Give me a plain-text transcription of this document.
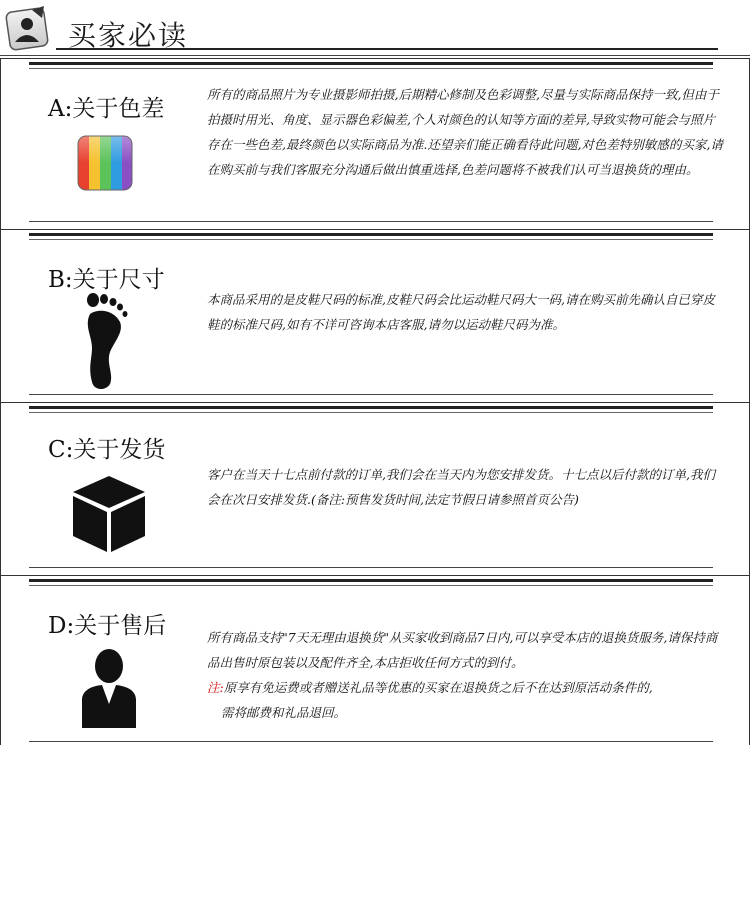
买家必读
A:关于色差

所有的商品照片为专业摄影师拍摄,后期精心修制及色彩调整,尽量与实际商品保持一致,但由于拍摄时用光、角度、显示器色彩偏差,个人对颜色的认知等方面的差异,导致实物可能会与照片存在一些色差,最终颜色以实际商品为准.还望亲们能正确看待此问题,对色差特别敏感的买家,请在购买前与我们客服充分沟通后做出慎重选择,色差问题将不被我们认可当退换货的理由。

B:关于尺寸

本商品采用的是皮鞋尺码的标准,皮鞋尺码会比运动鞋尺码大一码,请在购买前先确认自已穿皮鞋的标准尺码,如有不详可咨询本店客服,请勿以运动鞋尺码为准。

C:关于发货

客户在当天十七点前付款的订单,我们会在当天内为您安排发货。十七点以后付款的订单,我们会在次日安排发货.(备注:预售发货时间,法定节假日请参照首页公告)

D:关于售后	所有商品支持"7天无理由退换货"从买家收到商品7日内,可以享受本店的退换货服务,请保持商品出售时原包装以及配件齐全,本店拒收任何方式的到付。

注:原享有免运费或者赠送礼品等优惠的买家在退换货之后不在达到原活动条件的,

需将邮费和礼品退回。
